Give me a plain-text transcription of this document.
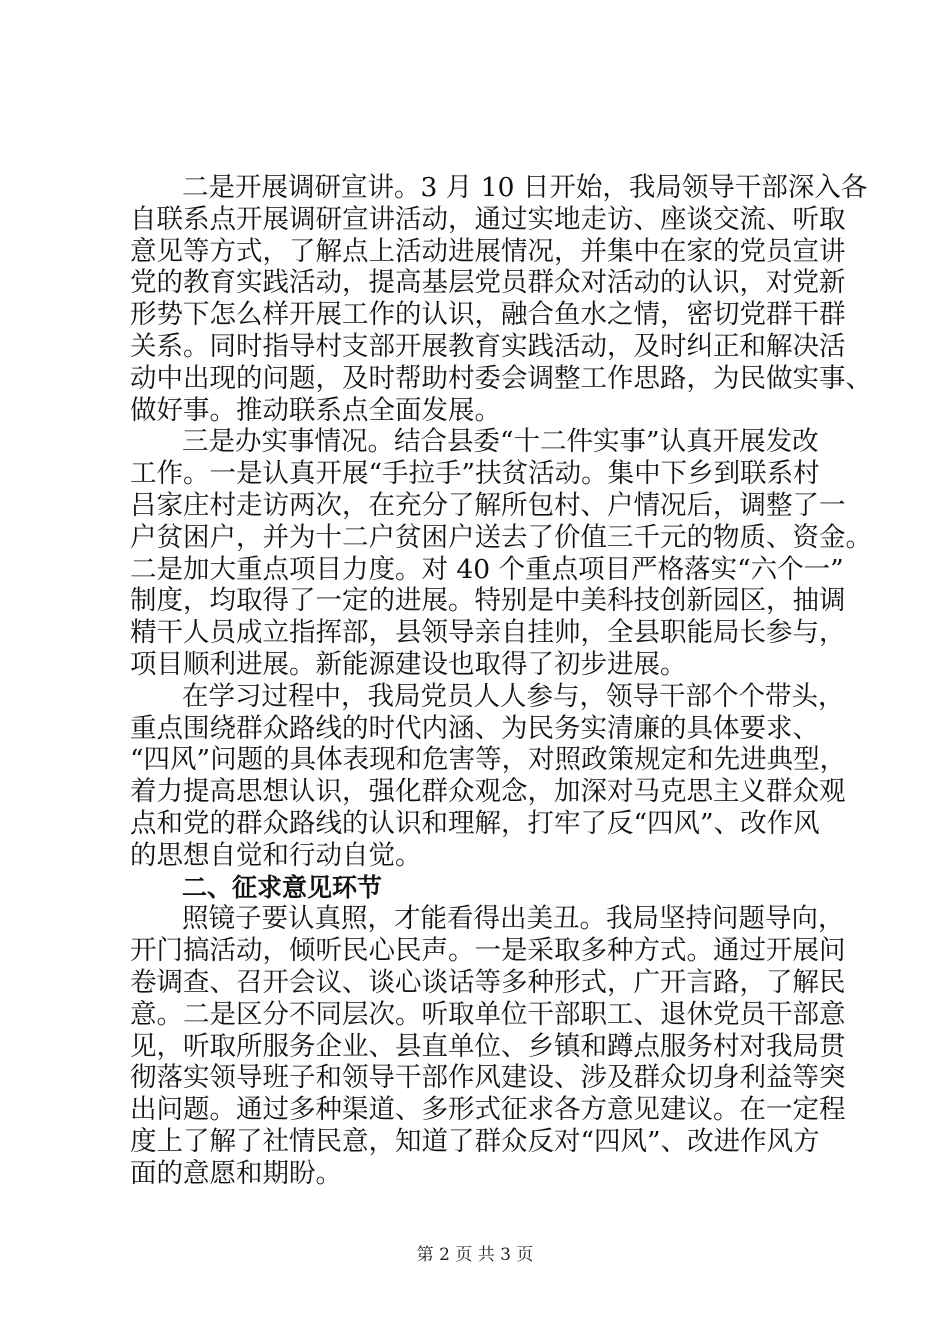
二是开展调研宣讲。3 月 10 日开始，我局领导干部深入各
自联系点开展调研宣讲活动，通过实地走访、座谈交流、听取
意见等方式，了解点上活动进展情况，并集中在家的党员宣讲
党的教育实践活动，提高基层党员群众对活动的认识，对党新
形势下怎么样开展工作的认识，融合鱼水之情，密切党群干群
关系。同时指导村支部开展教育实践活动，及时纠正和解决活
动中出现的问题，及时帮助村委会调整工作思路，为民做实事、
做好事。推动联系点全面发展。
三是办实事情况。结合县委“十二件实事”认真开展发改
工作。一是认真开展“手拉手”扶贫活动。集中下乡到联系村
吕家庄村走访两次，在充分了解所包村、户情况后，调整了一
户贫困户，并为十二户贫困户送去了价值三千元的物质、资金。
二是加大重点项目力度。对 40 个重点项目严格落实“六个一”
制度，均取得了一定的进展。特别是中美科技创新园区，抽调
精干人员成立指挥部，县领导亲自挂帅，全县职能局长参与，
项目顺利进展。新能源建设也取得了初步进展。
在学习过程中，我局党员人人参与，领导干部个个带头，
重点围绕群众路线的时代内涵、为民务实清廉的具体要求、
“四风”问题的具体表现和危害等，对照政策规定和先进典型，
着力提高思想认识，强化群众观念，加深对马克思主义群众观
点和党的群众路线的认识和理解，打牢了反“四风”、改作风
的思想自觉和行动自觉。
二、征求意见环节
照镜子要认真照，才能看得出美丑。我局坚持问题导向，
开门搞活动，倾听民心民声。一是采取多种方式。通过开展问
卷调查、召开会议、谈心谈话等多种形式，广开言路，了解民
意。二是区分不同层次。听取单位干部职工、退休党员干部意
见，听取所服务企业、县直单位、乡镇和蹲点服务村对我局贯
彻落实领导班子和领导干部作风建设、涉及群众切身利益等突
出问题。通过多种渠道、多形式征求各方意见建议。在一定程
度上了解了社情民意，知道了群众反对“四风”、改进作风方
面的意愿和期盼。
第 2 页 共 3 页
